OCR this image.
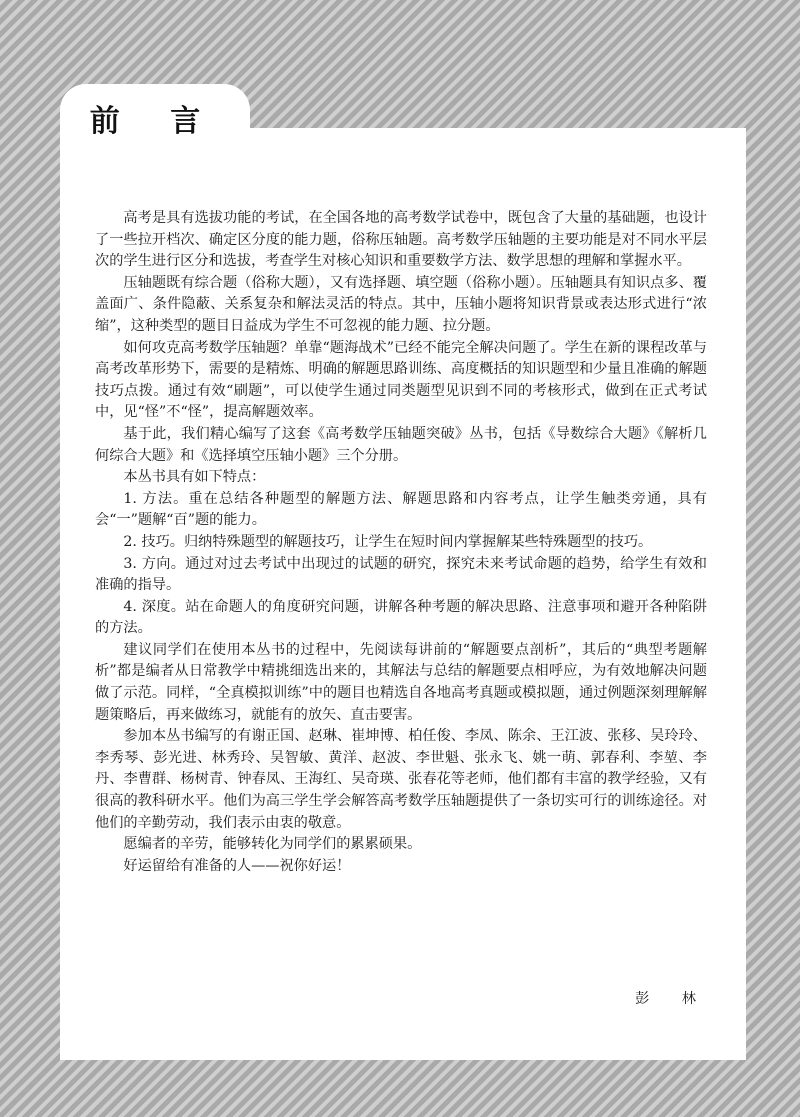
前 言

高考是具有选拔功能的考试，在全国各地的高考数学试卷中，既包含了大量的基础题，也设计了一些拉开档次、确定区分度的能力题，俗称压轴题。高考数学压轴题的主要功能是对不同水平层次的学生进行区分和选拔，考查学生对核心知识和重要数学方法、数学思想的理解和掌握水平。

压轴题既有综合题（俗称大题），又有选择题、填空题（俗称小题）。压轴题具有知识点多、覆盖面广、条件隐蔽、关系复杂和解法灵活的特点。其中，压轴小题将知识背景或表达形式进行“浓缩”，这种类型的题目日益成为学生不可忽视的能力题、拉分题。

如何攻克高考数学压轴题？单靠“题海战术”已经不能完全解决问题了。学生在新的课程改革与高考改革形势下，需要的是精炼、明确的解题思路训练、高度概括的知识题型和少量且准确的解题技巧点拨。通过有效“刷题”，可以使学生通过同类题型见识到不同的考核形式，做到在正式考试中，见“怪”不“怪”，提高解题效率。

基于此，我们精心编写了这套《高考数学压轴题突破》丛书，包括《导数综合大题》《解析几何综合大题》和《选择填空压轴小题》三个分册。

本丛书具有如下特点：

1. 方法。重在总结各种题型的解题方法、解题思路和内容考点，让学生触类旁通，具有会“一”题解“百”题的能力。

2. 技巧。归纳特殊题型的解题技巧，让学生在短时间内掌握解某些特殊题型的技巧。

3. 方向。通过对过去考试中出现过的试题的研究，探究未来考试命题的趋势，给学生有效和准确的指导。

4. 深度。站在命题人的角度研究问题，讲解各种考题的解决思路、注意事项和避开各种陷阱的方法。

建议同学们在使用本丛书的过程中，先阅读每讲前的“解题要点剖析”，其后的“典型考题解析”都是编者从日常教学中精挑细选出来的，其解法与总结的解题要点相呼应，为有效地解决问题做了示范。同样，“全真模拟训练”中的题目也精选自各地高考真题或模拟题，通过例题深刻理解解题策略后，再来做练习，就能有的放矢、直击要害。

参加本丛书编写的有谢正国、赵琳、崔坤博、柏任俊、李凤、陈余、王江波、张移、吴玲玲、李秀琴、彭光进、林秀玲、吴智敏、黄洋、赵波、李世魁、张永飞、姚一萌、郭春利、李堃、李丹、李曹群、杨树青、钟春凤、王海红、吴奇瑛、张春花等老师，他们都有丰富的教学经验，又有很高的教科研水平。他们为高三学生学会解答高考数学压轴题提供了一条切实可行的训练途径。对他们的辛勤劳动，我们表示由衷的敬意。

愿编者的辛劳，能够转化为同学们的累累硕果。

好运留给有准备的人——祝你好运！

彭 林
